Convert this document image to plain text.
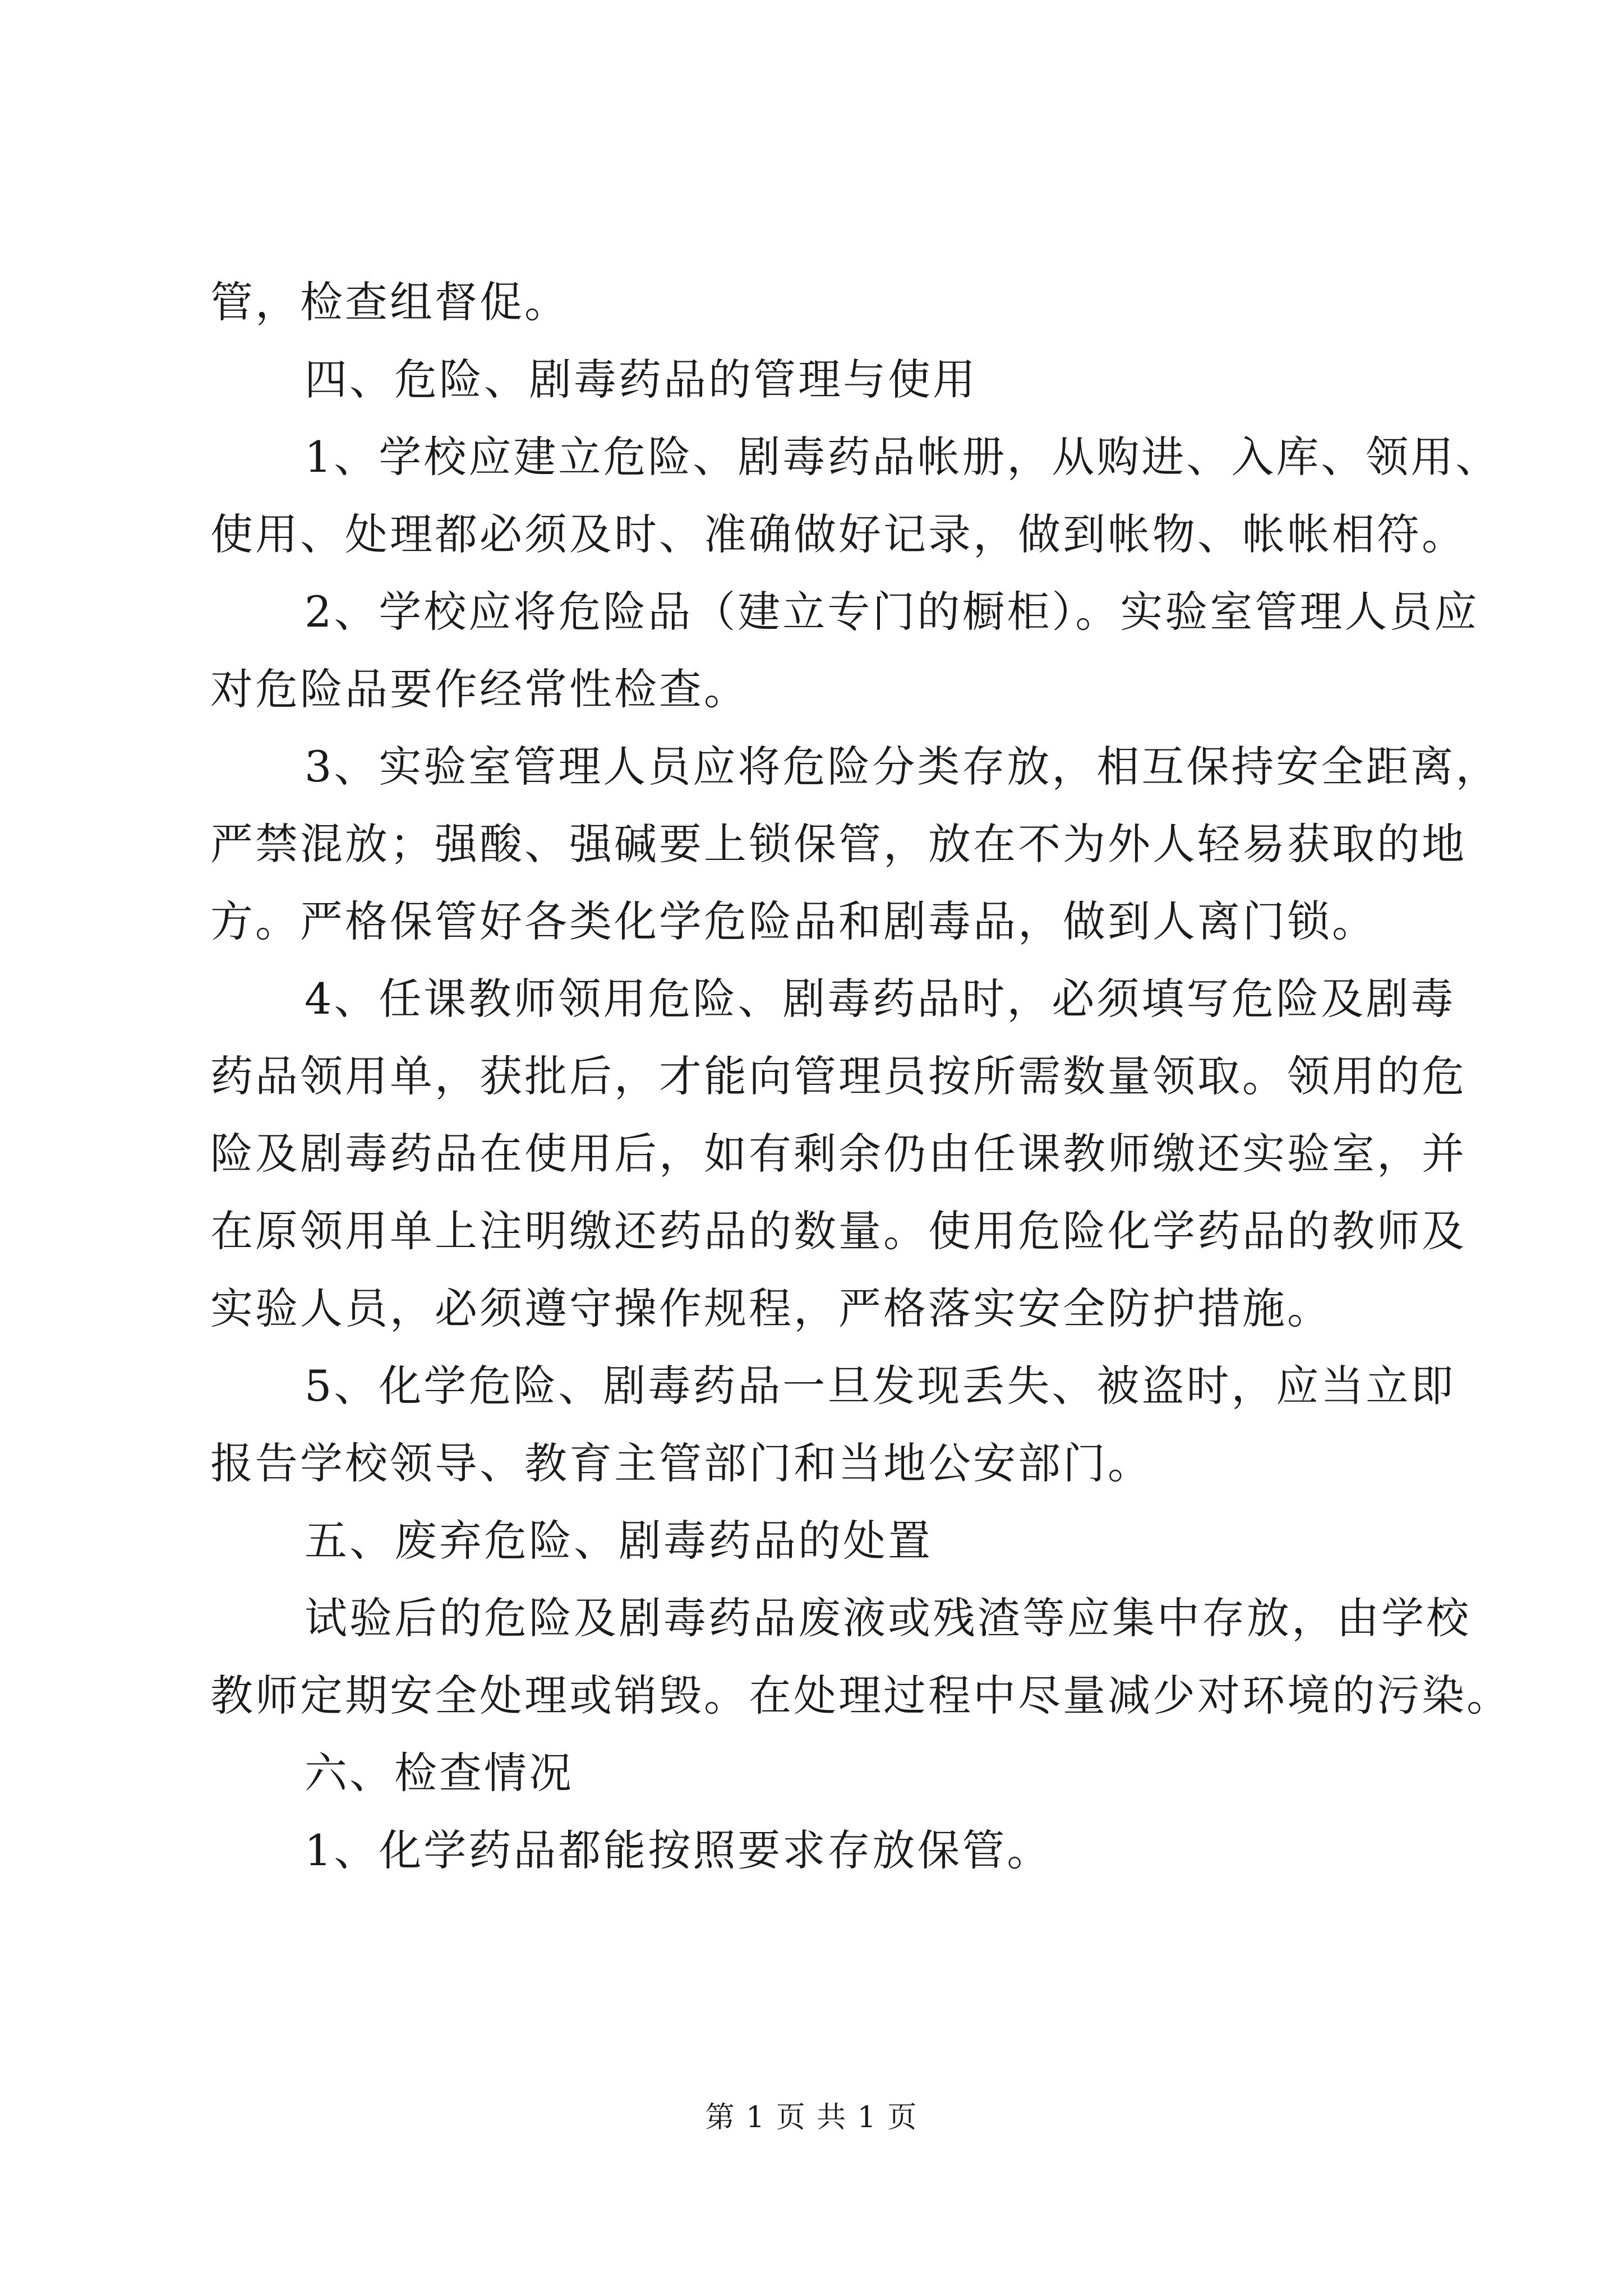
管，检查组督促。

四、危险、剧毒药品的管理与使用

1、学校应建立危险、剧毒药品帐册，从购进、入库、领用、

使用、处理都必须及时、准确做好记录，做到帐物、帐帐相符。

2、学校应将危险品（建立专门的橱柜）。实验室管理人员应

对危险品要作经常性检查。

3、实验室管理人员应将危险分类存放，相互保持安全距离，

严禁混放；强酸、强碱要上锁保管，放在不为外人轻易获取的地

方。严格保管好各类化学危险品和剧毒品，做到人离门锁。

4、任课教师领用危险、剧毒药品时，必须填写危险及剧毒

药品领用单，获批后，才能向管理员按所需数量领取。领用的危

险及剧毒药品在使用后，如有剩余仍由任课教师缴还实验室，并

在原领用单上注明缴还药品的数量。使用危险化学药品的教师及

实验人员，必须遵守操作规程，严格落实安全防护措施。

5、化学危险、剧毒药品一旦发现丢失、被盗时，应当立即

报告学校领导、教育主管部门和当地公安部门。

五、废弃危险、剧毒药品的处置

试验后的危险及剧毒药品废液或残渣等应集中存放，由学校

教师定期安全处理或销毁。在处理过程中尽量减少对环境的污染。

六、检查情况

1、化学药品都能按照要求存放保管。

第 1 页 共 1 页
